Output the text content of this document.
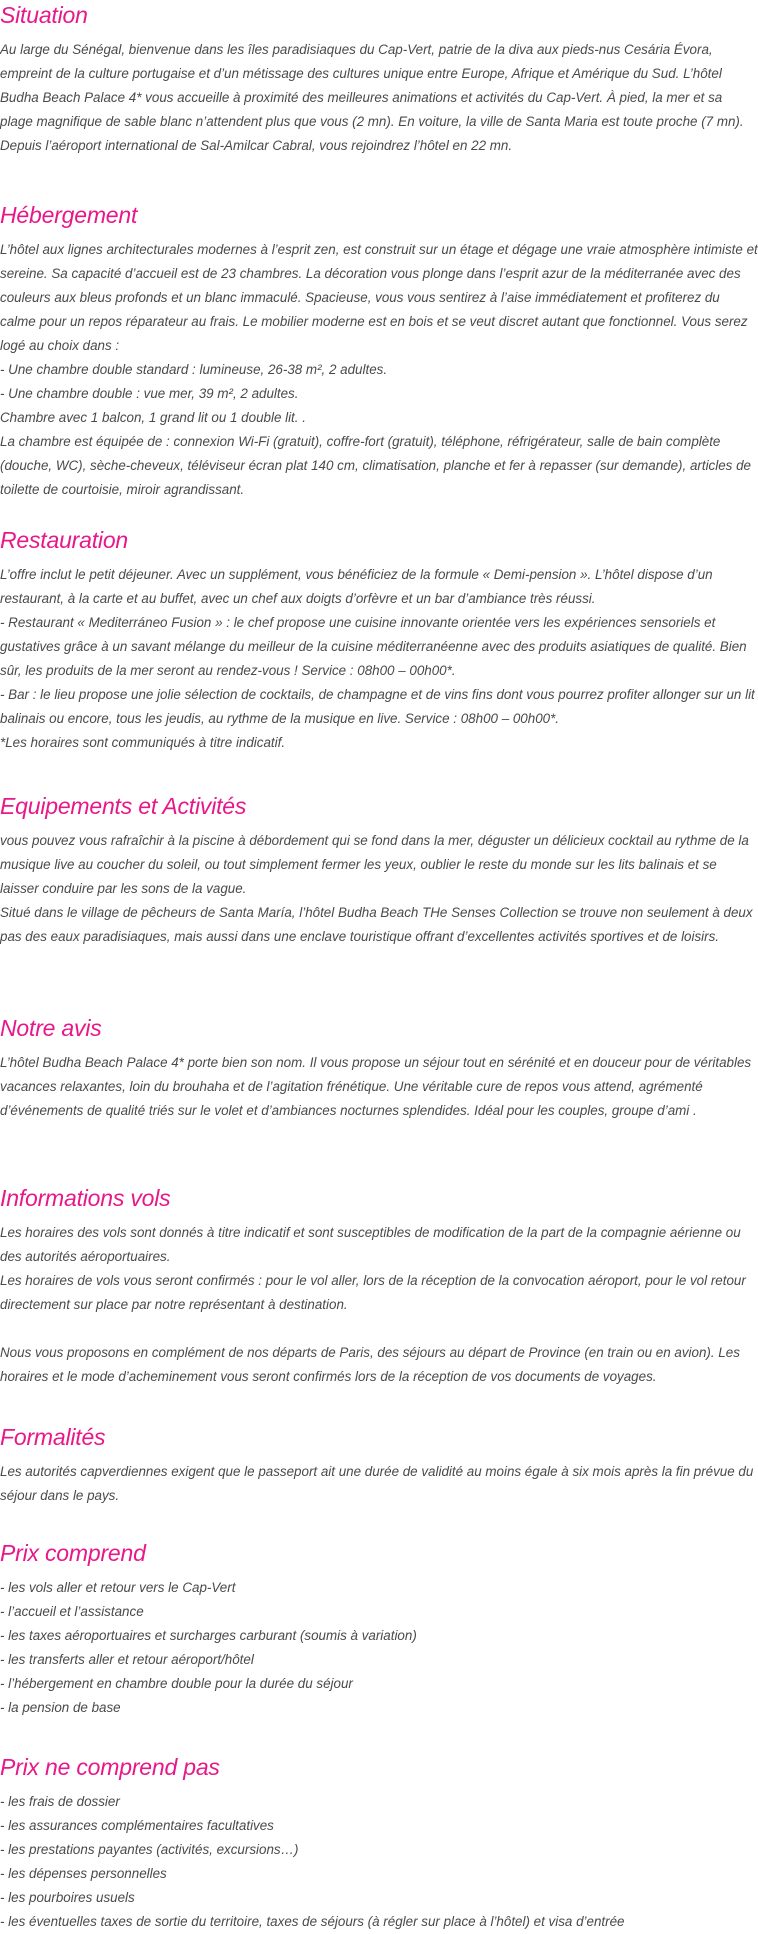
Situation
Au large du Sénégal, bienvenue dans les îles paradisiaques du Cap-Vert, patrie de la diva aux pieds-nus Cesária Évora, empreint de la culture portugaise et d’un métissage des cultures unique entre Europe, Afrique et Amérique du Sud. L’hôtel Budha Beach Palace 4* vous accueille à proximité des meilleures animations et activités du Cap-Vert. À pied, la mer et sa plage magnifique de sable blanc n’attendent plus que vous (2 mn). En voiture, la ville de Santa Maria est toute proche (7 mn). Depuis l’aéroport international de Sal-Amilcar Cabral, vous rejoindrez l’hôtel en 22 mn.
Hébergement
L’hôtel aux lignes architecturales modernes à l’esprit zen, est construit sur un étage et dégage une vraie atmosphère intimiste et sereine. Sa capacité d’accueil est de 23 chambres. La décoration vous plonge dans l’esprit azur de la méditerranée avec des couleurs aux bleus profonds et un blanc immaculé. Spacieuse, vous vous sentirez à l’aise immédiatement et profiterez du calme pour un repos réparateur au frais. Le mobilier moderne est en bois et se veut discret autant que fonctionnel. Vous serez logé au choix dans :
- Une chambre double standard : lumineuse, 26-38 m², 2 adultes.
- Une chambre double : vue mer, 39 m², 2 adultes.
Chambre avec 1 balcon, 1 grand lit ou 1 double lit. .
La chambre est équipée de : connexion Wi-Fi (gratuit), coffre-fort (gratuit), téléphone, réfrigérateur, salle de bain complète (douche, WC), sèche-cheveux, téléviseur écran plat 140 cm, climatisation, planche et fer à repasser (sur demande), articles de toilette de courtoisie, miroir agrandissant.
Restauration
L’offre inclut le petit déjeuner. Avec un supplément, vous bénéficiez de la formule « Demi-pension ». L’hôtel dispose d’un restaurant, à la carte et au buffet, avec un chef aux doigts d’orfèvre et un bar d’ambiance très réussi.
- Restaurant « Mediterráneo Fusion » : le chef propose une cuisine innovante orientée vers les expériences sensoriels et gustatives grâce à un savant mélange du meilleur de la cuisine méditerranéenne avec des produits asiatiques de qualité. Bien sûr, les produits de la mer seront au rendez-vous ! Service : 08h00 – 00h00*.
- Bar : le lieu propose une jolie sélection de cocktails, de champagne et de vins fins dont vous pourrez profiter allonger sur un lit balinais ou encore, tous les jeudis, au rythme de la musique en live. Service : 08h00 – 00h00*.
*Les horaires sont communiqués à titre indicatif.
Equipements et Activités
vous pouvez vous rafraîchir à la piscine à débordement qui se fond dans la mer, déguster un délicieux cocktail au rythme de la musique live au coucher du soleil, ou tout simplement fermer les yeux, oublier le reste du monde sur les lits balinais et se laisser conduire par les sons de la vague.
Situé dans le village de pêcheurs de Santa María, l’hôtel Budha Beach THe Senses Collection se trouve non seulement à deux pas des eaux paradisiaques, mais aussi dans une enclave touristique offrant d’excellentes activités sportives et de loisirs.
Notre avis
L’hôtel Budha Beach Palace 4* porte bien son nom. Il vous propose un séjour tout en sérénité et en douceur pour de véritables vacances relaxantes, loin du brouhaha et de l’agitation frénétique. Une véritable cure de repos vous attend, agrémenté d’événements de qualité triés sur le volet et d’ambiances nocturnes splendides. Idéal pour les couples, groupe d’ami .
Informations vols
Les horaires des vols sont donnés à titre indicatif et sont susceptibles de modification de la part de la compagnie aérienne ou des autorités aéroportuaires.
Les horaires de vols vous seront confirmés : pour le vol aller, lors de la réception de la convocation aéroport, pour le vol retour directement sur place par notre représentant à destination.
Nous vous proposons en complément de nos départs de Paris, des séjours au départ de Province (en train ou en avion). Les horaires et le mode d’acheminement vous seront confirmés lors de la réception de vos documents de voyages.
Formalités
Les autorités capverdiennes exigent que le passeport ait une durée de validité au moins égale à six mois après la fin prévue du séjour dans le pays.
Prix comprend
- les vols aller et retour vers le Cap-Vert
- l’accueil et l’assistance
- les taxes aéroportuaires et surcharges carburant (soumis à variation)
- les transferts aller et retour aéroport/hôtel
- l’hébergement en chambre double pour la durée du séjour
- la pension de base
Prix ne comprend pas
- les frais de dossier
- les assurances complémentaires facultatives
- les prestations payantes (activités, excursions…)
- les dépenses personnelles
- les pourboires usuels
- les éventuelles taxes de sortie du territoire, taxes de séjours (à régler sur place à l’hôtel) et visa d’entrée
